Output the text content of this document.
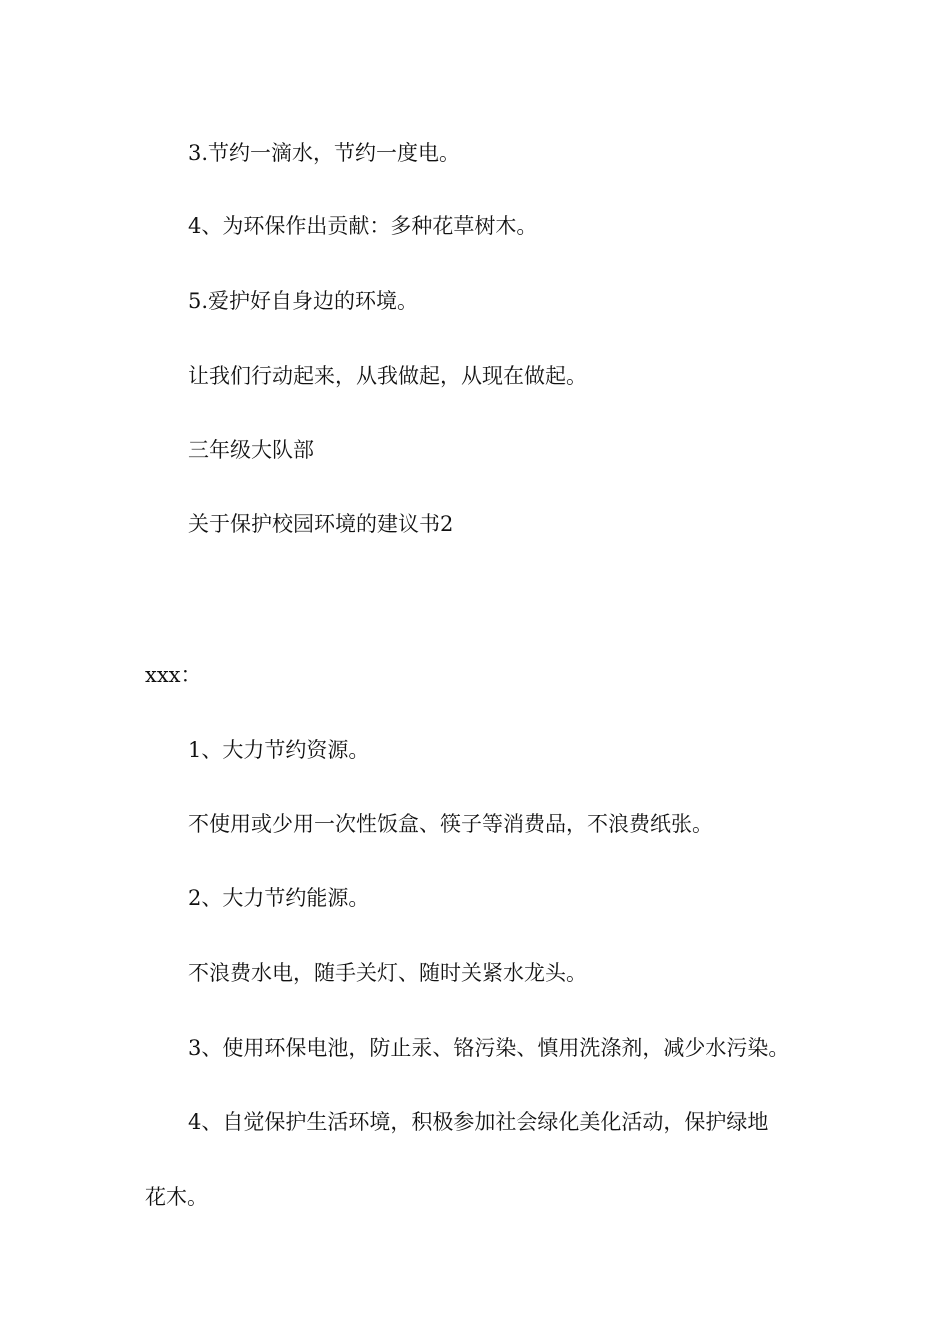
3.节约一滴水，节约一度电。
4、为环保作出贡献：多种花草树木。
5.爱护好自身边的环境。
让我们行动起来，从我做起，从现在做起。
三年级大队部
关于保护校园环境的建议书2
xxx：
1、大力节约资源。
不使用或少用一次性饭盒、筷子等消费品，不浪费纸张。
2、大力节约能源。
不浪费水电，随手关灯、随时关紧水龙头。
3、使用环保电池，防止汞、铬污染、慎用洗涤剂，减少水污染。
4、自觉保护生活环境，积极参加社会绿化美化活动，保护绿地
花木。
